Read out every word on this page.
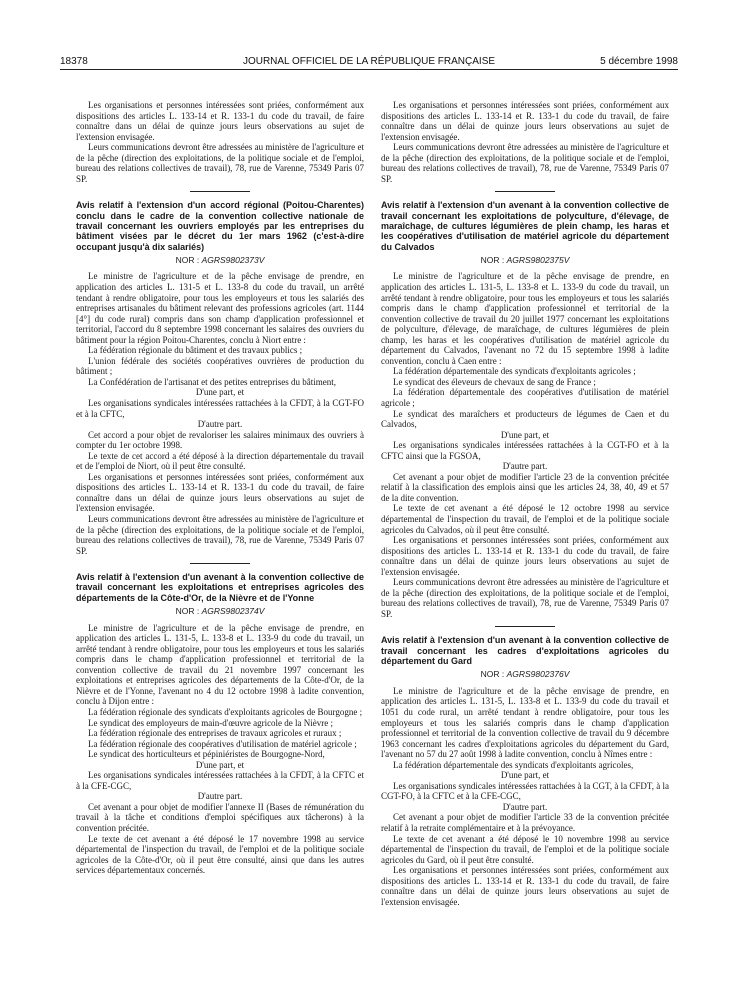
18378	JOURNAL OFFICIEL DE LA RÉPUBLIQUE FRANÇAISE	5 décembre 1998

Les organisations et personnes intéressées sont priées, conformément aux dispositions des articles L. 133-14 et R. 133-1 du code du travail, de faire connaître dans un délai de quinze jours leurs observations au sujet de l'extension envisagée.

Leurs communications devront être adressées au ministère de l'agriculture et de la pêche (direction des exploitations, de la politique sociale et de l'emploi, bureau des relations collectives de travail), 78, rue de Varenne, 75349 Paris 07 SP.

Avis relatif à l'extension d'un accord régional (Poitou-Charentes) conclu dans le cadre de la convention collective nationale de travail concernant les ouvriers employés par les entreprises du bâtiment visées par le décret du 1er mars 1962 (c'est-à-dire occupant jusqu'à dix salariés)
NOR : AGRS9802373V

Le ministre de l'agriculture et de la pêche envisage de prendre, en application des articles L. 131-5 et L. 133-8 du code du travail, un arrêté tendant à rendre obligatoire, pour tous les employeurs et tous les salariés des entreprises artisanales du bâtiment relevant des professions agricoles (art. 1144 [4°] du code rural) compris dans son champ d'application professionnel et territorial, l'accord du 8 septembre 1998 concernant les salaires des ouvriers du bâtiment pour la région Poitou-Charentes, conclu à Niort entre :

La fédération régionale du bâtiment et des travaux publics ;

L'union fédérale des sociétés coopératives ouvrières de production du bâtiment ;

La Confédération de l'artisanat et des petites entreprises du bâtiment,

D'une part, et

Les organisations syndicales intéressées rattachées à la CFDT, à la CGT-FO et à la CFTC,

D'autre part.

Cet accord a pour objet de revaloriser les salaires minimaux des ouvriers à compter du 1er octobre 1998.

Le texte de cet accord a été déposé à la direction départementale du travail et de l'emploi de Niort, où il peut être consulté.

Les organisations et personnes intéressées sont priées, conformément aux dispositions des articles L. 133-14 et R. 133-1 du code du travail, de faire connaître dans un délai de quinze jours leurs observations au sujet de l'extension envisagée.

Leurs communications devront être adressées au ministère de l'agriculture et de la pêche (direction des exploitations, de la politique sociale et de l'emploi, bureau des relations collectives de travail), 78, rue de Varenne, 75349 Paris 07 SP.

Avis relatif à l'extension d'un avenant à la convention collective de travail concernant les exploitations et entreprises agricoles des départements de la Côte-d'Or, de la Nièvre et de l'Yonne
NOR : AGRS9802374V

Le ministre de l'agriculture et de la pêche envisage de prendre, en application des articles L. 131-5, L. 133-8 et L. 133-9 du code du travail, un arrêté tendant à rendre obligatoire, pour tous les employeurs et tous les salariés compris dans le champ d'application professionnel et territorial de la convention collective de travail du 21 novembre 1997 concernant les exploitations et entreprises agricoles des départements de la Côte-d'Or, de la Nièvre et de l'Yonne, l'avenant no 4 du 12 octobre 1998 à ladite convention, conclu à Dijon entre :

La fédération régionale des syndicats d'exploitants agricoles de Bourgogne ;

Le syndicat des employeurs de main-d'œuvre agricole de la Nièvre ;

La fédération régionale des entreprises de travaux agricoles et ruraux ;

La fédération régionale des coopératives d'utilisation de matériel agricole ;

Le syndicat des horticulteurs et pépiniéristes de Bourgogne-Nord,

D'une part, et

Les organisations syndicales intéressées rattachées à la CFDT, à la CFTC et à la CFE-CGC,

D'autre part.

Cet avenant a pour objet de modifier l'annexe II (Bases de rémunération du travail à la tâche et conditions d'emploi spécifiques aux tâcherons) à la convention précitée.

Le texte de cet avenant a été déposé le 17 novembre 1998 au service départemental de l'inspection du travail, de l'emploi et de la politique sociale agricoles de la Côte-d'Or, où il peut être consulté, ainsi que dans les autres services départementaux concernés.

Les organisations et personnes intéressées sont priées, conformément aux dispositions des articles L. 133-14 et R. 133-1 du code du travail, de faire connaître dans un délai de quinze jours leurs observations au sujet de l'extension envisagée.

Leurs communications devront être adressées au ministère de l'agriculture et de la pêche (direction des exploitations, de la politique sociale et de l'emploi, bureau des relations collectives de travail), 78, rue de Varenne, 75349 Paris 07 SP.

Avis relatif à l'extension d'un avenant à la convention collective de travail concernant les exploitations de polyculture, d'élevage, de maraîchage, de cultures légumières de plein champ, les haras et les coopératives d'utilisation de matériel agricole du département du Calvados
NOR : AGRS9802375V

Le ministre de l'agriculture et de la pêche envisage de prendre, en application des articles L. 131-5, L. 133-8 et L. 133-9 du code du travail, un arrêté tendant à rendre obligatoire, pour tous les employeurs et tous les salariés compris dans le champ d'application professionnel et territorial de la convention collective de travail du 20 juillet 1977 concernant les exploitations de polyculture, d'élevage, de maraîchage, de cultures légumières de plein champ, les haras et les coopératives d'utilisation de matériel agricole du département du Calvados, l'avenant no 72 du 15 septembre 1998 à ladite convention, conclu à Caen entre :

La fédération départementale des syndicats d'exploitants agricoles ;

Le syndicat des éleveurs de chevaux de sang de France ;

La fédération départementale des coopératives d'utilisation de matériel agricole ;

Le syndicat des maraîchers et producteurs de légumes de Caen et du Calvados,

D'une part, et

Les organisations syndicales intéressées rattachées à la CGT-FO et à la CFTC ainsi que la FGSOA,

D'autre part.

Cet avenant a pour objet de modifier l'article 23 de la convention précitée relatif à la classification des emplois ainsi que les articles 24, 38, 40, 49 et 57 de la dite convention.

Le texte de cet avenant a été déposé le 12 octobre 1998 au service départemental de l'inspection du travail, de l'emploi et de la politique sociale agricoles du Calvados, où il peut être consulté.

Les organisations et personnes intéressées sont priées, conformément aux dispositions des articles L. 133-14 et R. 133-1 du code du travail, de faire connaître dans un délai de quinze jours leurs observations au sujet de l'extension envisagée.

Leurs communications devront être adressées au ministère de l'agriculture et de la pêche (direction des exploitations, de la politique sociale et de l'emploi, bureau des relations collectives de travail), 78, rue de Varenne, 75349 Paris 07 SP.

Avis relatif à l'extension d'un avenant à la convention collective de travail concernant les cadres d'exploitations agricoles du département du Gard
NOR : AGRS9802376V

Le ministre de l'agriculture et de la pêche envisage de prendre, en application des articles L. 131-5, L. 133-8 et L. 133-9 du code du travail et 1051 du code rural, un arrêté tendant à rendre obligatoire, pour tous les employeurs et tous les salariés compris dans le champ d'application professionnel et territorial de la convention collective de travail du 9 décembre 1963 concernant les cadres d'exploitations agricoles du département du Gard, l'avenant no 57 du 27 août 1998 à ladite convention, conclu à Nîmes entre :

La fédération départementale des syndicats d'exploitants agricoles,

D'une part, et

Les organisations syndicales intéressées rattachées à la CGT, à la CFDT, à la CGT-FO, à la CFTC et à la CFE-CGC,

D'autre part.

Cet avenant a pour objet de modifier l'article 33 de la convention précitée relatif à la retraite complémentaire et à la prévoyance.

Le texte de cet avenant a été déposé le 10 novembre 1998 au service départemental de l'inspection du travail, de l'emploi et de la politique sociale agricoles du Gard, où il peut être consulté.

Les organisations et personnes intéressées sont priées, conformément aux dispositions des articles L. 133-14 et R. 133-1 du code du travail, de faire connaître dans un délai de quinze jours leurs observations au sujet de l'extension envisagée.
